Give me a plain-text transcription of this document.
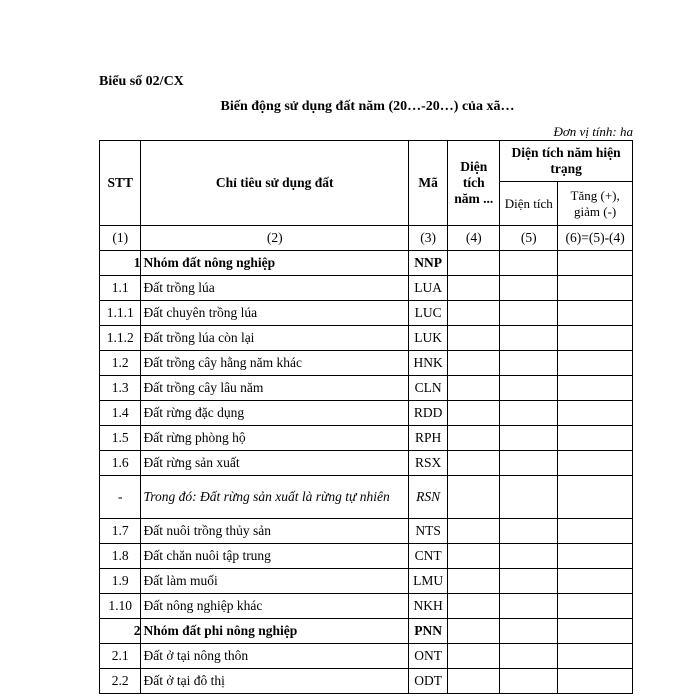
Biểu số 02/CX
Biến động sử dụng đất năm (20…-20…) của xã…
Đơn vị tính: ha
STT	Chỉ tiêu sử dụng đất	Mã	Diện tích năm ...	Diện tích năm hiện trạng	
				Diện tích	Tăng (+), giảm (-)
(1)	(2)	(3)	(4)	(5)	(6)=(5)-(4)
1	Nhóm đất nông nghiệp	NNP			
1.1	Đất trồng lúa	LUA			
1.1.1	Đất chuyên trồng lúa	LUC			
1.1.2	Đất trồng lúa còn lại	LUK			
1.2	Đất trồng cây hằng năm khác	HNK			
1.3	Đất trồng cây lâu năm	CLN			
1.4	Đất rừng đặc dụng	RDD			
1.5	Đất rừng phòng hộ	RPH			
1.6	Đất rừng sản xuất	RSX			
-	Trong đó: Đất rừng sản xuất là rừng tự nhiên	RSN			
1.7	Đất nuôi trồng thủy sản	NTS			
1.8	Đất chăn nuôi tập trung	CNT			
1.9	Đất làm muối	LMU			
1.10	Đất nông nghiệp khác	NKH			
2	Nhóm đất phi nông nghiệp	PNN			
2.1	Đất ở tại nông thôn	ONT			
2.2	Đất ở tại đô thị	ODT			
